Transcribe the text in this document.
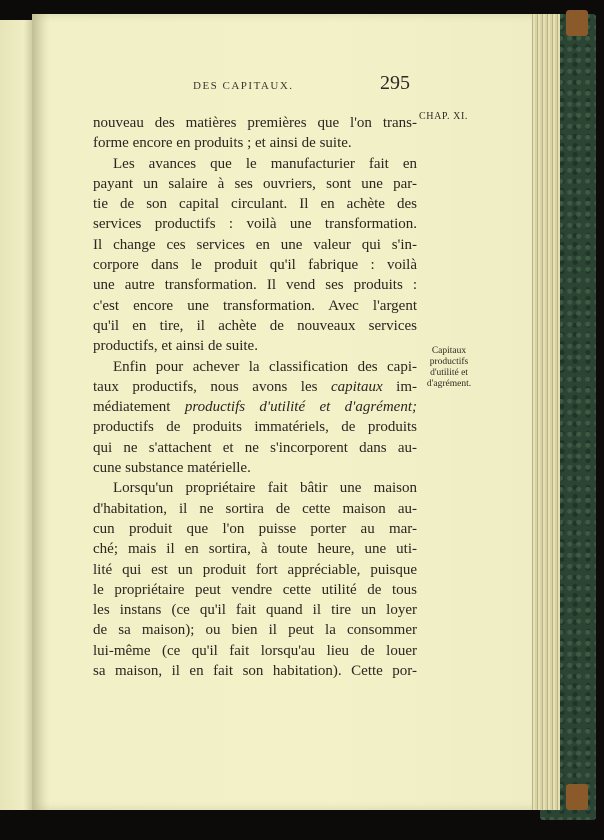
DES CAPITAUX.	295
CHAP. XI.
Capitaux
productifs
d'utilité et
d'agrément.
nouveau des matières premières que l'on trans-
forme encore en produits ; et ainsi de suite.
Les avances que le manufacturier fait en
payant un salaire à ses ouvriers, sont une par-
tie de son capital circulant. Il en achète des
services productifs : voilà une transformation.
Il change ces services en une valeur qui s'in-
corpore dans le produit qu'il fabrique : voilà
une autre transformation. Il vend ses produits :
c'est encore une transformation. Avec l'argent
qu'il en tire, il achète de nouveaux services
productifs, et ainsi de suite.
Enfin pour achever la classification des capi-
taux productifs, nous avons les capitaux im-
médiatement productifs d'utilité et d'agrément;
productifs de produits immatériels, de produits
qui ne s'attachent et ne s'incorporent dans au-
cune substance matérielle.
Lorsqu'un propriétaire fait bâtir une maison
d'habitation, il ne sortira de cette maison au-
cun produit que l'on puisse porter au mar-
ché; mais il en sortira, à toute heure, une uti-
lité qui est un produit fort appréciable, puisque
le propriétaire peut vendre cette utilité de tous
les instans (ce qu'il fait quand il tire un loyer
de sa maison); ou bien il peut la consommer
lui-même (ce qu'il fait lorsqu'au lieu de louer
sa maison, il en fait son habitation). Cette por-
